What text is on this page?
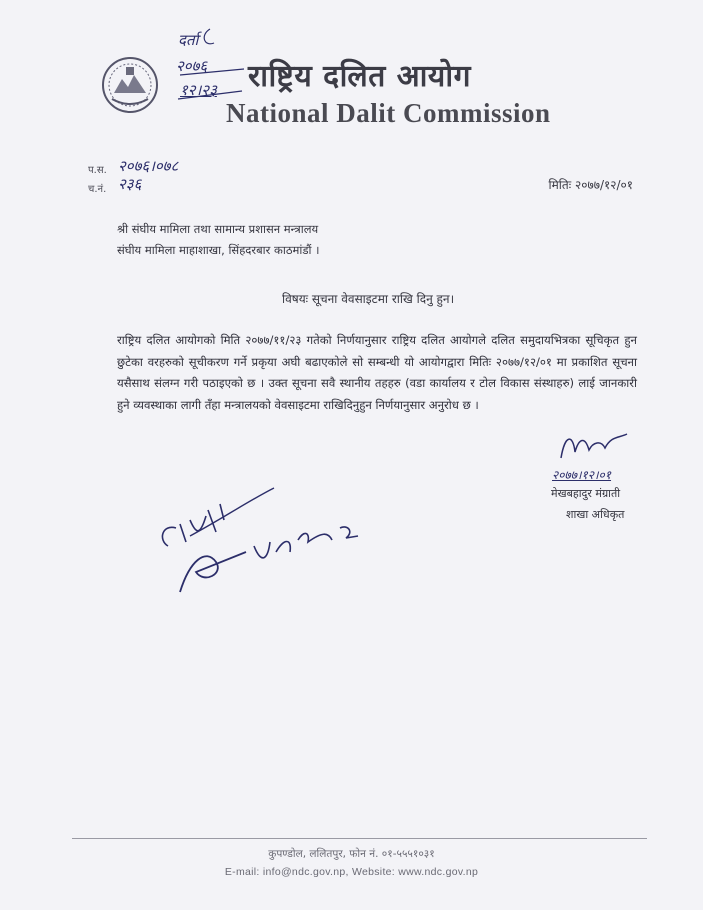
राष्ट्रिय दलित आयोग
National Dalit Commission
दर्ता
२०७६
१२।२३
प.स. २०७६।०७८
च.नं. २३६	मितिः २०७७/१२/०१
श्री संघीय मामिला तथा सामान्य प्रशासन मन्त्रालय
संघीय मामिला माहाशाखा, सिंहदरबार काठमांडौं ।
विषयः सूचना वेवसाइटमा राखि दिनु हुन।

राष्ट्रिय दलित आयोगको मिति २०७७/११/२३ गतेको निर्णयानुसार राष्ट्रिय दलित आयोगले दलित समुदायभित्रका सूचिकृत हुन छुटेका वरहरुको सूचीकरण गर्ने प्रकृया अघी बढाएकोले सो सम्बन्धी यो आयोगद्वारा मितिः २०७७/१२/०१ मा प्रकाशित सूचना यसैसाथ संलग्न गरी पठाइएको छ । उक्त सूचना सवै स्थानीय तहहरु (वडा कार्यालय र टोल विकास संस्थाहरु) लाई जानकारी हुने व्यवस्थाका लागी तँहा मन्त्रालयको वेवसाइटमा राखिदिनुहुन निर्णयानुसार अनुरोध छ ।

२०७७।१२।०१
मेखबहादुर मंग्राती
शाखा अधिकृत
कुपण्डोल, ललितपुर, फोन नं. ०१-५५५१०३१
E-mail: info@ndc.gov.np, Website: www.ndc.gov.np
